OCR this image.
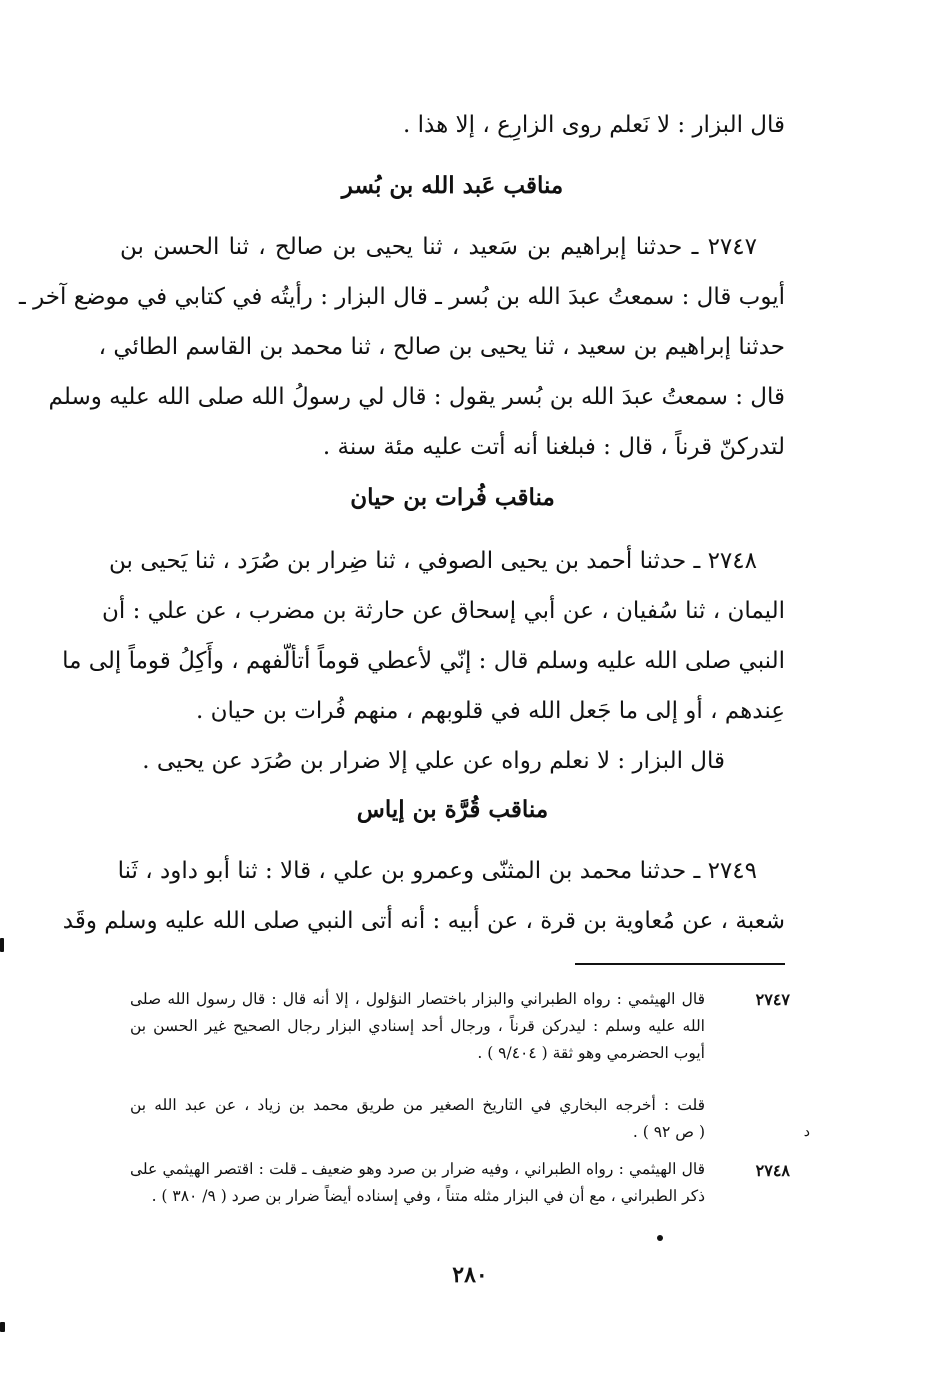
قال البزار : لا نَعلم روى الزارِع ، إلا هذا .
مناقب عَبد الله بن بُسر
٢٧٤٧ ـ حدثنا إبراهيم بن سَعيد ، ثنا يحيى بن صالح ، ثنا الحسن بن
أيوب قال : سمعتُ عبدَ الله بن بُسر ـ قال البزار : رأيتُه في كتابي في موضع آخر ـ
حدثنا إبراهيم بن سعيد ، ثنا يحيى بن صالح ، ثنا محمد بن القاسم الطائي ،
قال : سمعتُ عبدَ الله بن بُسر يقول : قال لي رسولُ الله صلى الله عليه وسلم
لتدركنّ قرناً ، قال : فبلغنا أنه أتت عليه مئة سنة .
مناقب فُرات بن حيان
٢٧٤٨ ـ حدثنا أحمد بن يحيى الصوفي ، ثنا ضِرار بن صُرَد ، ثنا يَحيى بن
اليمان ، ثنا سُفيان ، عن أبي إسحاق عن حارثة بن مضرب ، عن علي : أن
النبي صلى الله عليه وسلم قال : إنّي لأعطي قوماً أتألّفهم ، وأَكِلُ قوماً إلى ما
عِندهم ، أو إلى ما جَعل الله في قلوبهم ، منهم فُرات بن حيان .
قال البزار : لا نعلم رواه عن علي إلا ضرار بن صُرَد عن يحيى .
مناقب قُرَّة بن إياس
٢٧٤٩ ـ حدثنا محمد بن المثنّى وعمرو بن علي ، قالا : ثنا أبو داود ، ثَنا
شعبة ، عن مُعاوية بن قرة ، عن أبيه : أنه أتى النبي صلى الله عليه وسلم وقَد
٢٧٤٧
قال الهيثمي : رواه الطبراني والبزار باختصار النؤلول ، إلا أنه قال : قال رسول الله صلى
الله عليه وسلم : ليدركن قرناً ، ورجال أحد إسنادي البزار رجال الصحيح غير الحسن بن
أيوب الحضرمي وهو ثقة ( ٩/٤٠٤ ) .
د
قلت : أخرجه البخاري في التاريخ الصغير من طريق محمد بن زياد ، عن عبد الله بن
( ص ٩٢ ) .
٢٧٤٨
قال الهيثمي : رواه الطبراني ، وفيه ضرار بن صرد وهو ضعيف ـ قلت : اقتصر الهيثمي على
ذكر الطبراني ، مع أن في البزار مثله متناً ، وفي إسناده أيضاً ضرار بن صرد ( ٩/ ٣٨٠ ) .
٢٨٠
